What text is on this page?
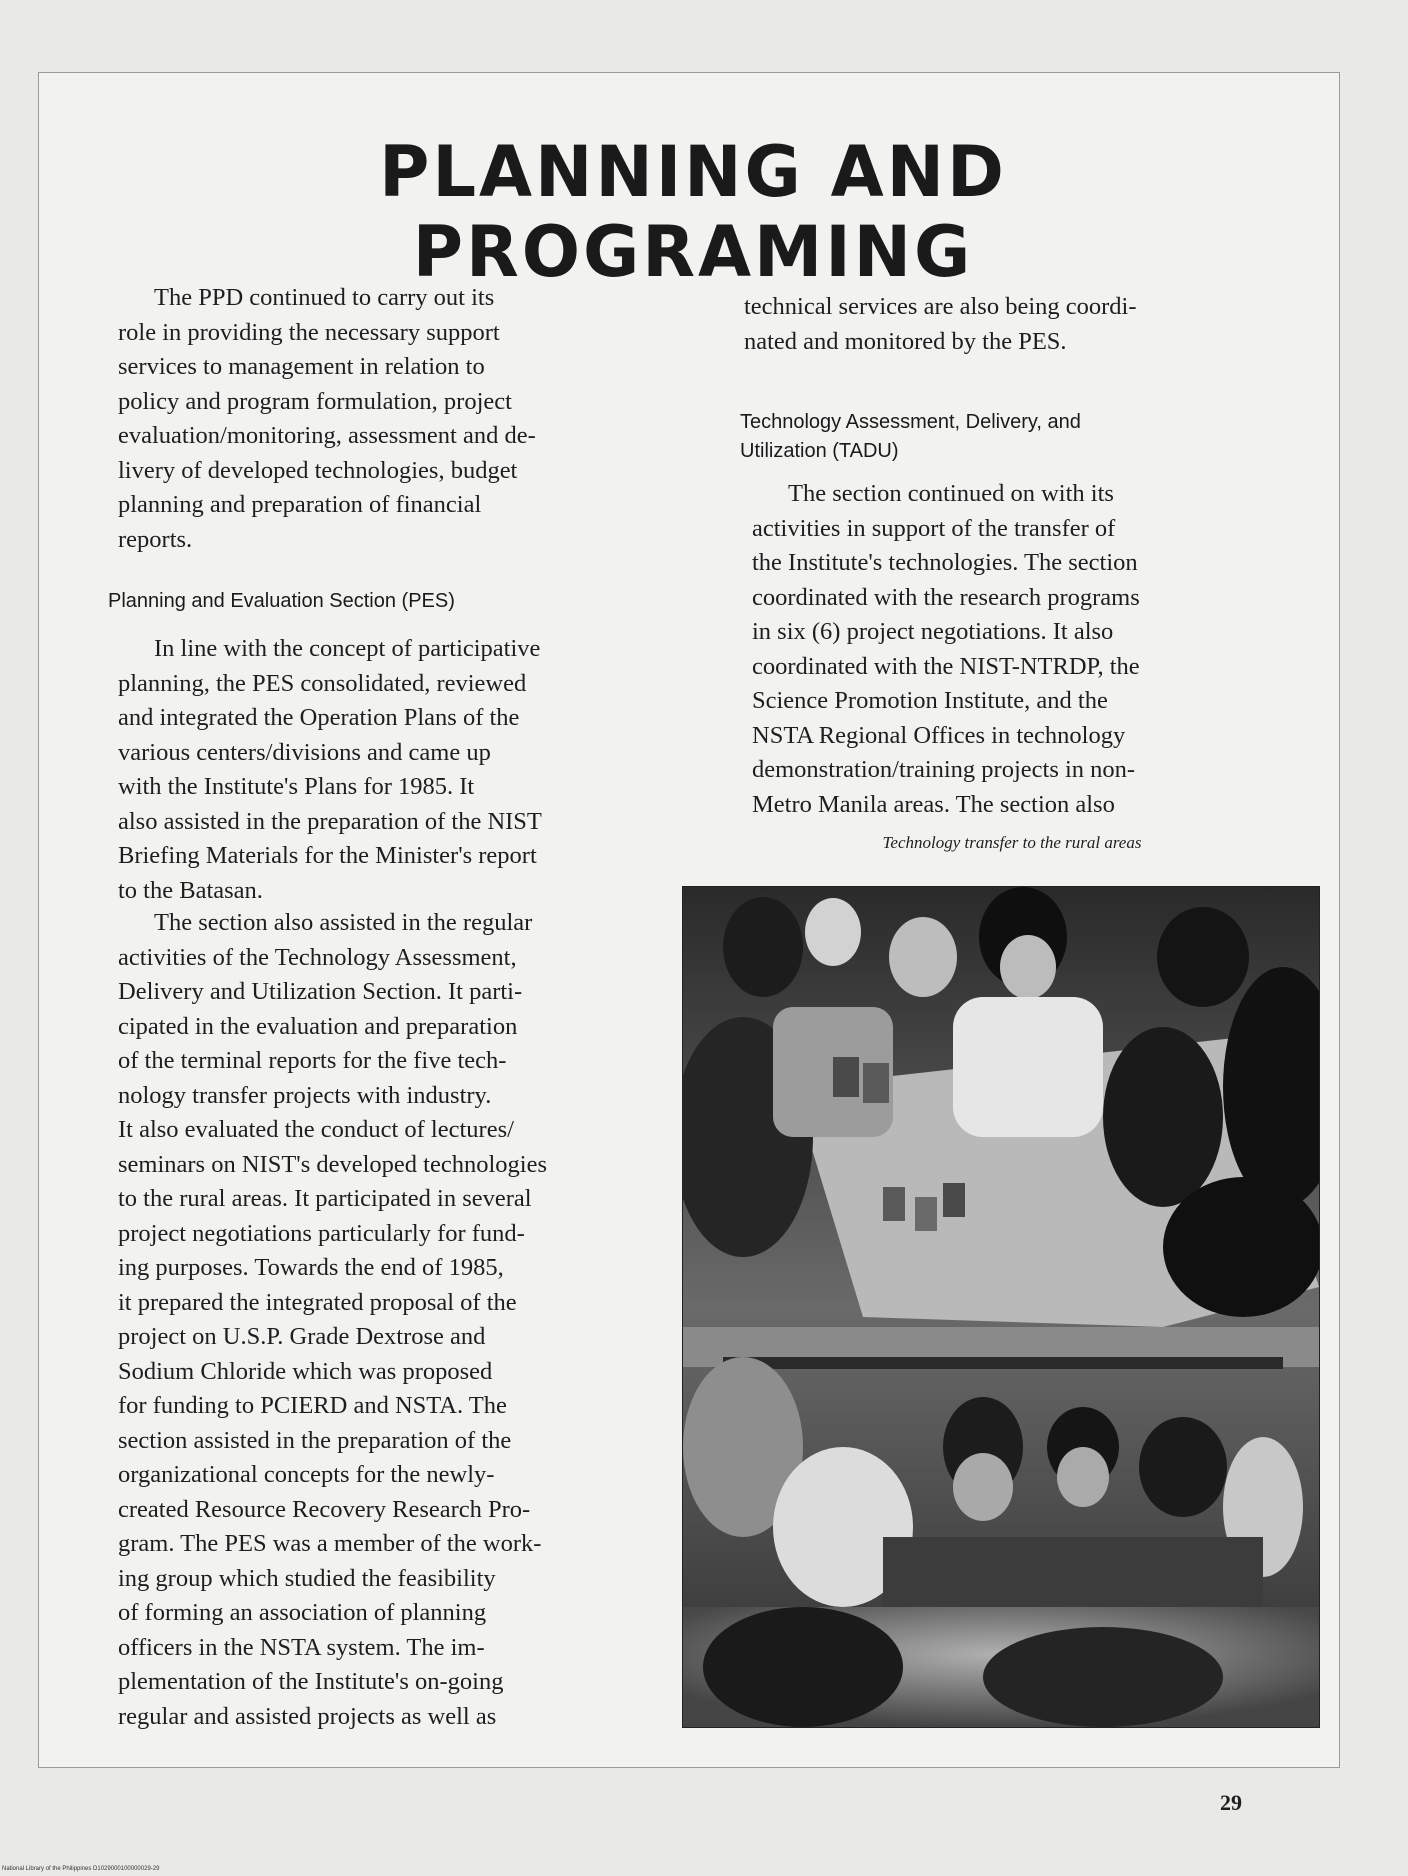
PLANNING AND PROGRAMING
The PPD continued to carry out its
role in providing the necessary support
services to management in relation to
policy and program formulation, project
evaluation/monitoring, assessment and de-
livery of developed technologies, budget
planning and preparation of financial
reports.
Planning and Evaluation Section (PES)
In line with the concept of participative
planning, the PES consolidated, reviewed
and integrated the Operation Plans of the
various centers/divisions and came up
with the Institute's Plans for 1985. It
also assisted in the preparation of the NIST
Briefing Materials for the Minister's report
to the Batasan.
The section also assisted in the regular
activities of the Technology Assessment,
Delivery and Utilization Section. It parti-
cipated in the evaluation and preparation
of the terminal reports for the five tech-
nology transfer projects with industry.
It also evaluated the conduct of lectures/
seminars on NIST's developed technologies
to the rural areas. It participated in several
project negotiations particularly for fund-
ing purposes. Towards the end of 1985,
it prepared the integrated proposal of the
project on U.S.P. Grade Dextrose and
Sodium Chloride which was proposed
for funding to PCIERD and NSTA. The
section assisted in the preparation of the
organizational concepts for the newly-
created Resource Recovery Research Pro-
gram. The PES was a member of the work-
ing group which studied the feasibility
of forming an association of planning
officers in the NSTA system. The im-
plementation of the Institute's on-going
regular and assisted projects as well as
technical services are also being coordi-
nated and monitored by the PES.
Technology Assessment, Delivery, and
Utilization (TADU)
The section continued on with its
activities in support of the transfer of
the Institute's technologies. The section
coordinated with the research programs
in six (6) project negotiations. It also
coordinated with the NIST-NTRDP, the
Science Promotion Institute, and the
NSTA Regional Offices in technology
demonstration/training projects in non-
Metro Manila areas. The section also

Technology transfer to the rural areas

29

National Library of the Philippines D1029000100000029-29
